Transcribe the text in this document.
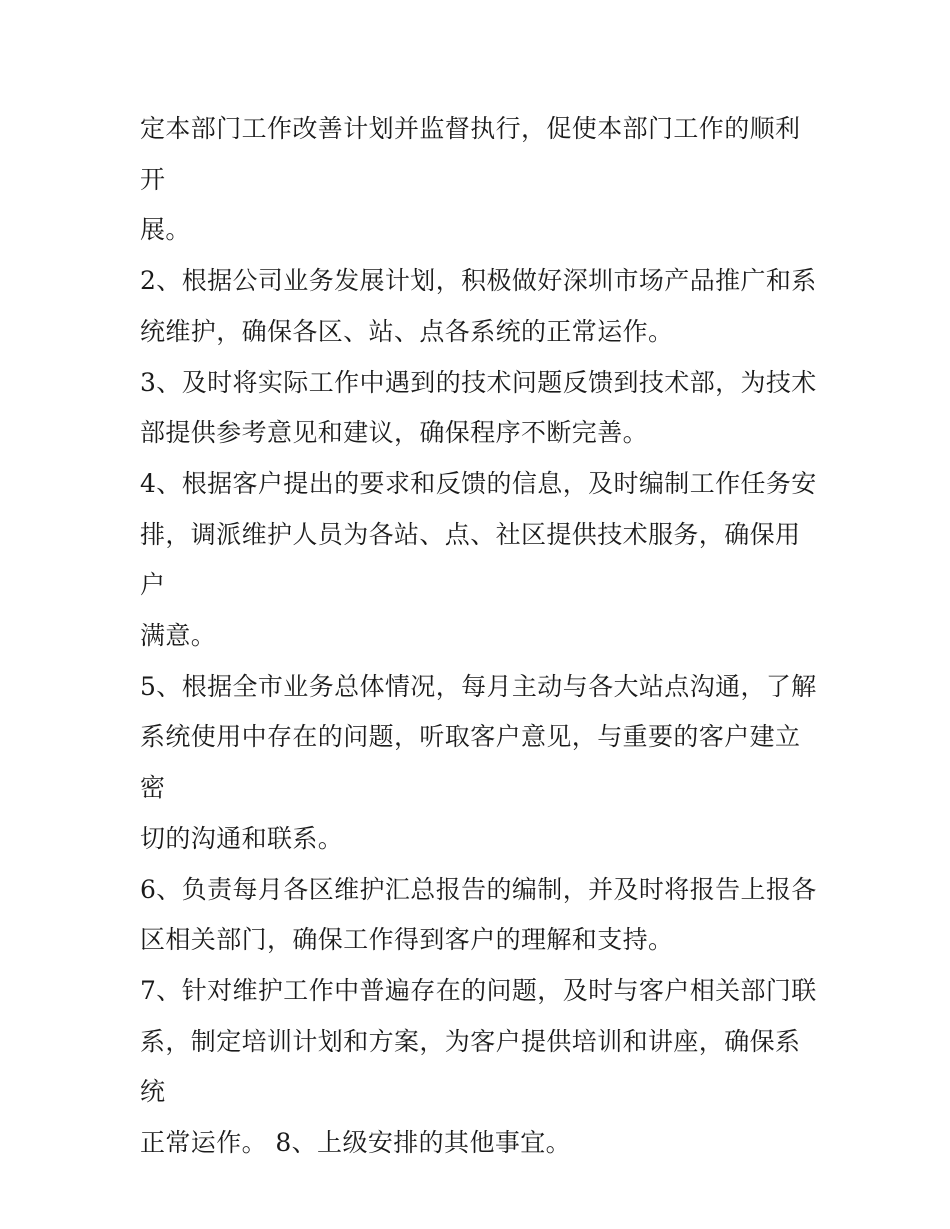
定本部门工作改善计划并监督执行，促使本部门工作的顺利开
展。

2、根据公司业务发展计划，积极做好深圳市场产品推广和系
统维护，确保各区、站、点各系统的正常运作。

3、及时将实际工作中遇到的技术问题反馈到技术部，为技术
部提供参考意见和建议，确保程序不断完善。

4、根据客户提出的要求和反馈的信息，及时编制工作任务安
排，调派维护人员为各站、点、社区提供技术服务，确保用户
满意。

5、根据全市业务总体情况，每月主动与各大站点沟通，了解
系统使用中存在的问题，听取客户意见，与重要的客户建立密
切的沟通和联系。

6、负责每月各区维护汇总报告的编制，并及时将报告上报各
区相关部门，确保工作得到客户的理解和支持。

7、针对维护工作中普遍存在的问题，及时与客户相关部门联
系，制定培训计划和方案，为客户提供培训和讲座，确保系统
正常运作。 8、上级安排的其他事宜。
